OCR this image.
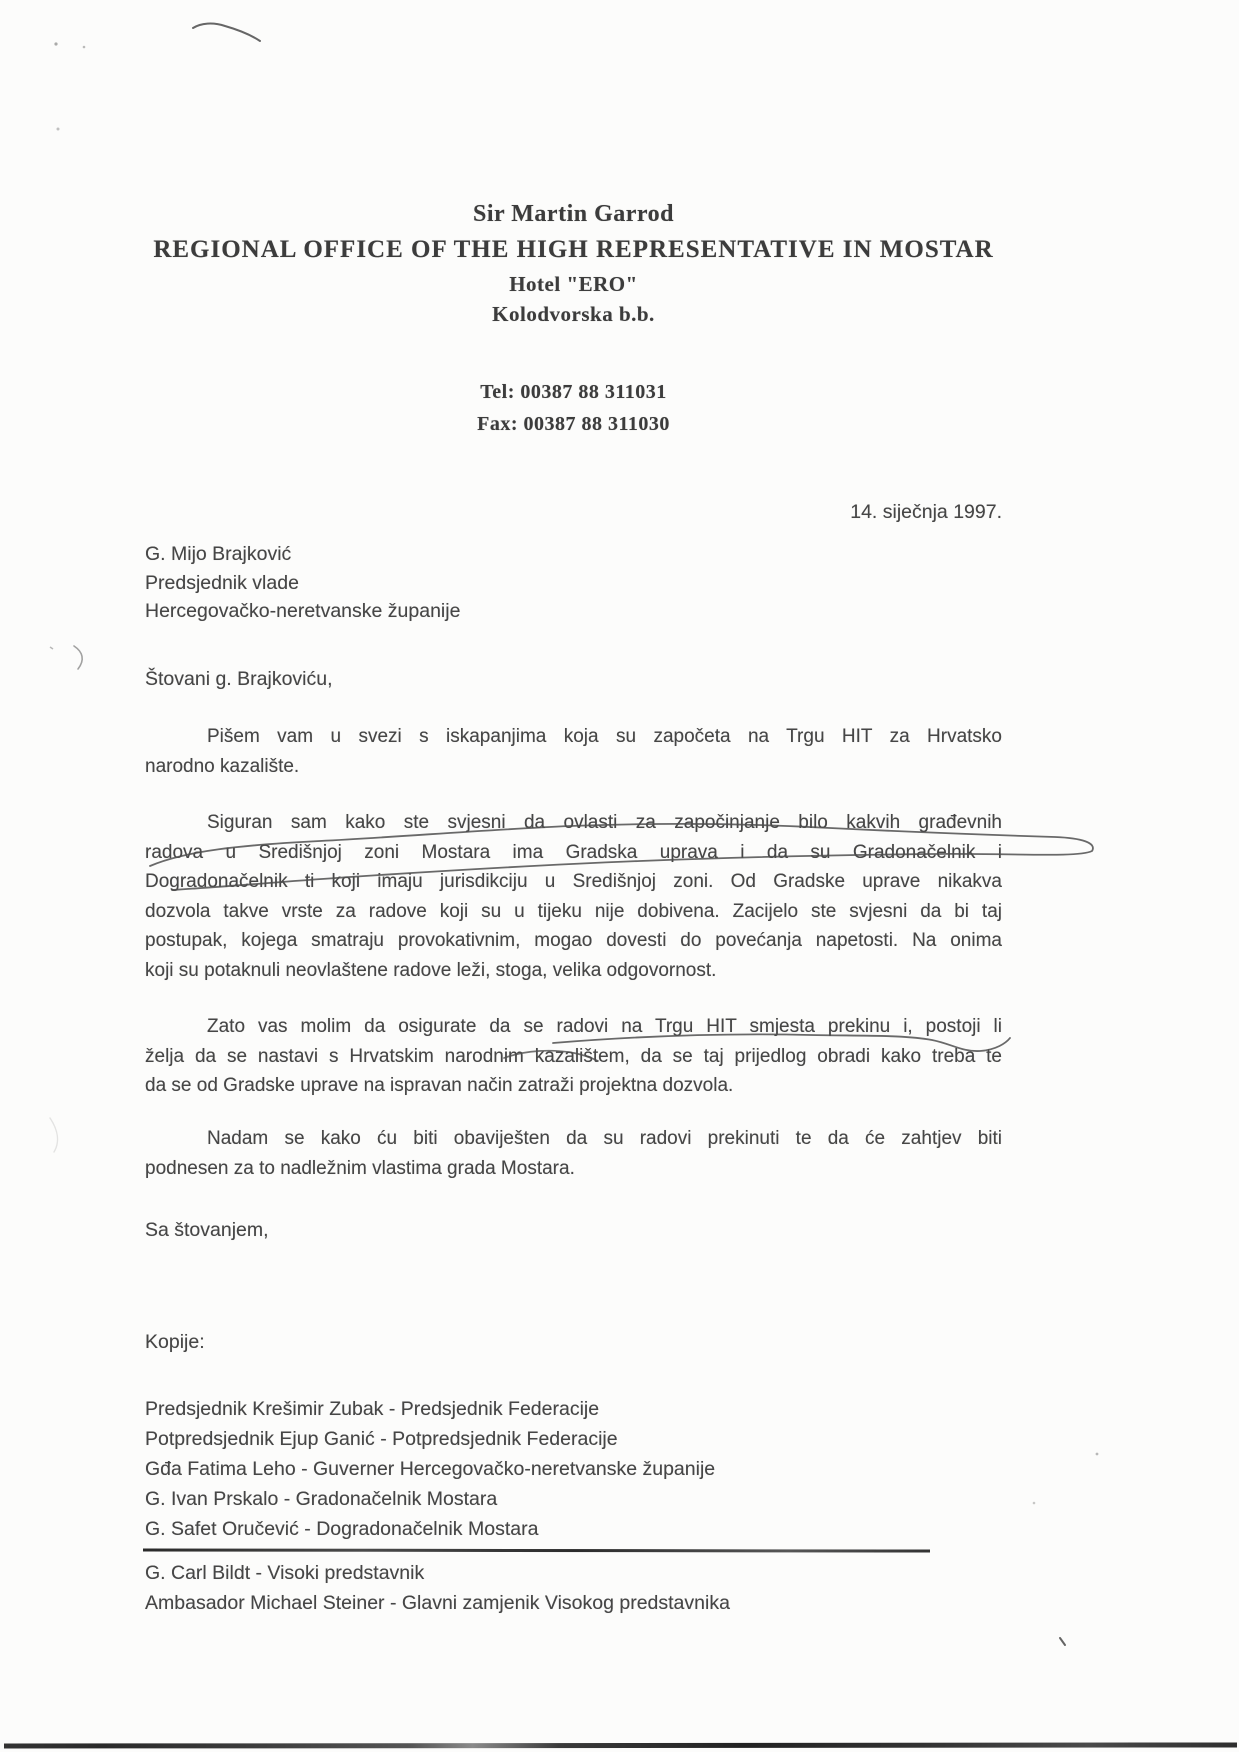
Sir Martin Garrod
REGIONAL OFFICE OF THE HIGH REPRESENTATIVE IN MOSTAR
Hotel "ERO"
Kolodvorska b.b.
Tel: 00387 88 311031
Fax: 00387 88 311030
14. siječnja 1997.
G. Mijo Brajković
Predsjednik vlade
Hercegovačko-neretvanske županije
Štovani g. Brajkoviću,
Pišem vam u svezi s iskapanjima koja su započeta na Trgu HIT za Hrvatsko
narodno kazalište.
Siguran sam kako ste svjesni da ovlasti za započinjanje bilo kakvih građevnih
radova u Središnjoj zoni Mostara ima Gradska uprava i da su Gradonačelnik i
Dogradonačelnik ti koji imaju jurisdikciju u Središnjoj zoni. Od Gradske uprave nikakva
dozvola takve vrste za radove koji su u tijeku nije dobivena. Zacijelo ste svjesni da bi taj
postupak, kojega smatraju provokativnim, mogao dovesti do povećanja napetosti. Na onima
koji su potaknuli neovlaštene radove leži, stoga, velika odgovornost.
Zato vas molim da osigurate da se radovi na Trgu HIT smjesta prekinu i, postoji li
želja da se nastavi s Hrvatskim narodnim kazalištem, da se taj prijedlog obradi kako treba te
da se od Gradske uprave na ispravan način zatraži projektna dozvola.
Nadam se kako ću biti obaviješten da su radovi prekinuti te da će zahtjev biti
podnesen za to nadležnim vlastima grada Mostara.
Sa štovanjem,
Kopije:
Predsjednik Krešimir Zubak - Predsjednik Federacije
Potpredsjednik Ejup Ganić - Potpredsjednik Federacije
Gđa Fatima Leho - Guverner Hercegovačko-neretvanske županije
G. Ivan Prskalo - Gradonačelnik Mostara
G. Safet Oručević - Dogradonačelnik Mostara
G. Carl Bildt - Visoki predstavnik
Ambasador Michael Steiner - Glavni zamjenik Visokog predstavnika
